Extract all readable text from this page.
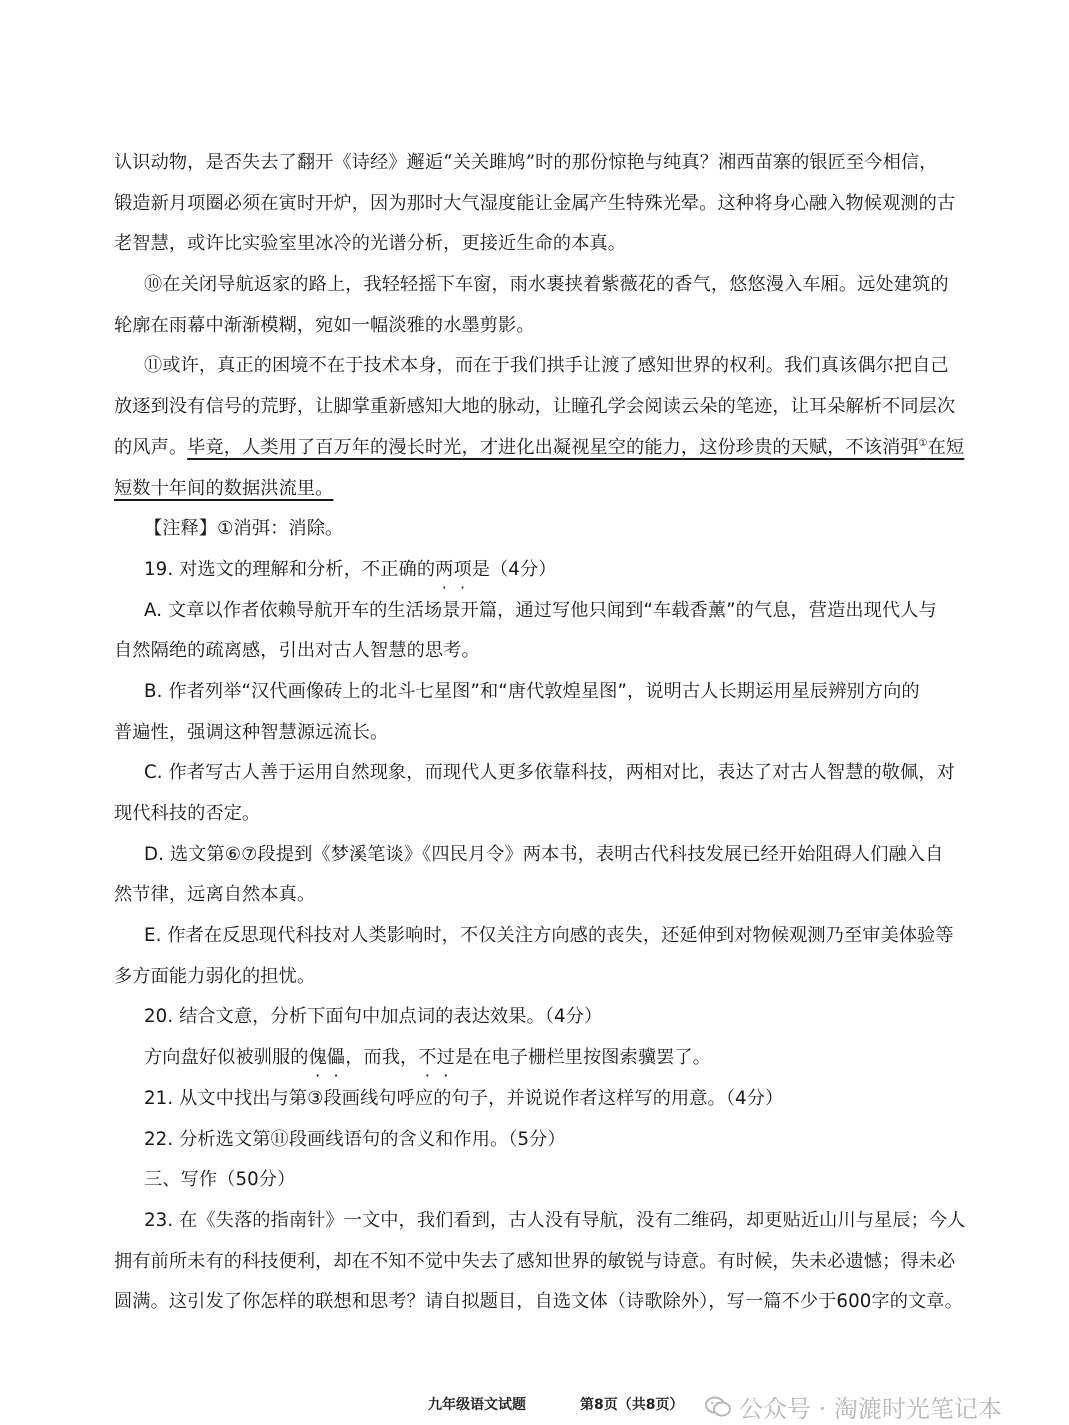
认识动物，是否失去了翻开《诗经》邂逅“关关雎鸠”时的那份惊艳与纯真？湘西苗寨的银匠至今相信，
锻造新月项圈必须在寅时开炉，因为那时大气湿度能让金属产生特殊光晕。这种将身心融入物候观测的古
老智慧，或许比实验室里冰冷的光谱分析，更接近生命的本真。
⑩在关闭导航返家的路上，我轻轻摇下车窗，雨水裹挟着紫薇花的香气，悠悠漫入车厢。远处建筑的
轮廓在雨幕中渐渐模糊，宛如一幅淡雅的水墨剪影。
⑪或许，真正的困境不在于技术本身，而在于我们拱手让渡了感知世界的权利。我们真该偶尔把自己
放逐到没有信号的荒野，让脚掌重新感知大地的脉动，让瞳孔学会阅读云朵的笔迹，让耳朵解析不同层次
的风声。毕竟，人类用了百万年的漫长时光，才进化出凝视星空的能力，这份珍贵的天赋，不该消弭①在短
短数十年间的数据洪流里。
【注释】①消弭：消除。
19. 对选文的理解和分析，不正确的两项是（4分）
A. 文章以作者依赖导航开车的生活场景开篇，通过写他只闻到“车载香薰”的气息，营造出现代人与
自然隔绝的疏离感，引出对古人智慧的思考。
B. 作者列举“汉代画像砖上的北斗七星图”和“唐代敦煌星图”，说明古人长期运用星辰辨别方向的
普遍性，强调这种智慧源远流长。
C. 作者写古人善于运用自然现象，而现代人更多依靠科技，两相对比，表达了对古人智慧的敬佩，对
现代科技的否定。
D. 选文第⑥⑦段提到《梦溪笔谈》《四民月令》两本书，表明古代科技发展已经开始阻碍人们融入自
然节律，远离自然本真。
E. 作者在反思现代科技对人类影响时，不仅关注方向感的丧失，还延伸到对物候观测乃至审美体验等
多方面能力弱化的担忧。
20. 结合文意，分析下面句中加点词的表达效果。（4分）
方向盘好似被驯服的傀儡，而我，不过是在电子栅栏里按图索骥罢了。
21. 从文中找出与第③段画线句呼应的句子，并说说作者这样写的用意。（4分）
22. 分析选文第⑪段画线语句的含义和作用。（5分）
三、写作（50分）
23. 在《失落的指南针》一文中，我们看到，古人没有导航，没有二维码，却更贴近山川与星辰；今人
拥有前所未有的科技便利，却在不知不觉中失去了感知世界的敏锐与诗意。有时候，失未必遗憾；得未必
圆满。这引发了你怎样的联想和思考？请自拟题目，自选文体（诗歌除外），写一篇不少于600字的文章。
九年级语文试题	第8页（共8页） 公众号 · 淘漉时光笔记本
